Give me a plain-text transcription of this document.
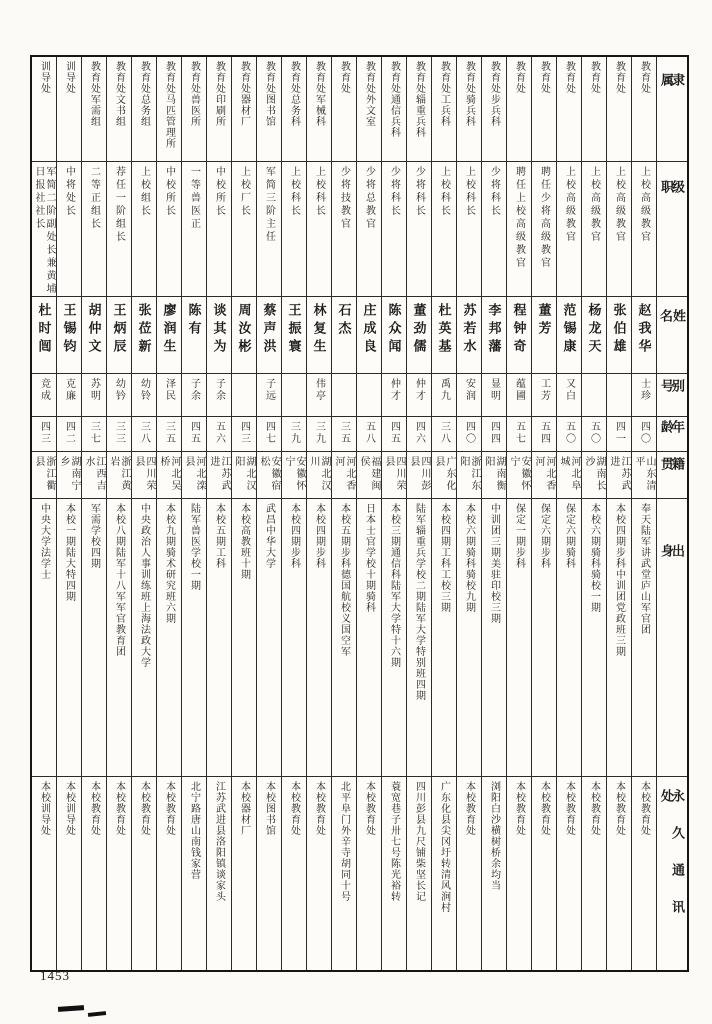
训导处
军简二阶副处长兼黄埔日报社社长
杜时闿
竞成
四三
浙江衢县
中央大学法学士
本校训导处
训导处
中将处长
王锡钧
克廉
四二
湖南宁乡
本校一期陆大特四期
本校训导处
教育处军需组
二等正组长
胡仲文
苏明
三七
江西吉水
军需学校四期
本校教育处
教育处文书组
荐任一阶组长
王炳辰
幼钤
三三
浙江黄岩
本校八期陆军十八军军官教育团
本校教育处
教育处总务组
上校组长
张莅新
幼铃
三八
四川荣县
中央政治人事训练班上海法政大学
本校教育处
教育处马匹管理所
中校所长
廖润生
泽民
三五
河北吴桥
本校九期骑术研究班六期
本校教育处
教育处兽医所
一等兽医正
陈有
子余
四五
河北滦县
陆军兽医学校一期
北宁路唐山南钱家营
教育处印刷所
中校所长
谈其为
子余
五六
江苏武进
本校五期工科
江苏武进县洛阳镇谈家头
教育处器材厂
上校厂长
周汝彬
四三
湖北汉阳
本校高教班十期
本校器材厂
教育处图书馆
军简三阶主任
蔡声洪
子远
四七
安徽宿松
武昌中华大学
本校图书馆
教育处总务科
上校科长
王振寰
三九
安徽怀宁
本校四期步科
本校教育处
教育处军械科
上校科长
林复生
伟亭
三九
湖北汉川
本校四期步科
本校教育处
教育处
少将技教官
石杰
三五
河北香河
本校五期步科德国航校义国空军
北平阜门外辛寺胡同十号
教育处外文室
少将总教官
庄成良
五八
福建闽侯
日本士官学校十期骑科
本校教育处
教育处通信兵科
少将科长
陈众闻
仲才
四五
四川荣县
本校三期通信科陆军大学特十六期
蓑宽巷子卅七号陈光裕转
教育处辎重兵科
少将科长
董劲儒
仲才
四六
四川彭县
陆军辎重兵学校二期陆军大学特别班四期
四川彭县九尺铺柴坚长记
教育处工兵科
上校科长
杜英基
禹九
三八
广东化县
本校四期工科工校三期
广东化县尖冈圩转清风涧村
教育处骑兵科
上校科长
苏若水
安润
四〇
浙江东阳
本校六期骑科骑校九期
本校教育处
教育处步兵科
少将科长
李邦藩
显明
四四
湖南衡阳
中训团三期美驻印校三期
浏阳白沙横树桥余均当
教育处
聘任上校高级教官
程钟奇
蕴圃
五七
安徽怀宁
保定一期步科
本校教育处
教育处
聘任少将高级教官
董芳
工芳
五四
河北香河
保定六期步科
本校教育处
教育处
上校高级教官
范锡康
又白
五〇
河北阜城
保定六期骑科
本校教育处
教育处
上校高级教官
杨龙天
五〇
湖南长沙
本校六期骑科骑校一期
本校教育处
教育处
上校高级教官
张伯雄
四一
江苏武进
本校四期步科中训团党政班三期
本校教育处
教育处
上校高级教官
赵我华
士珍
四〇
山东清平
奉天陆军讲武堂庐山军官团
本校教育处
隶属
级职
姓名
别号
年龄
籍贯
出身
永久通讯处
1453
